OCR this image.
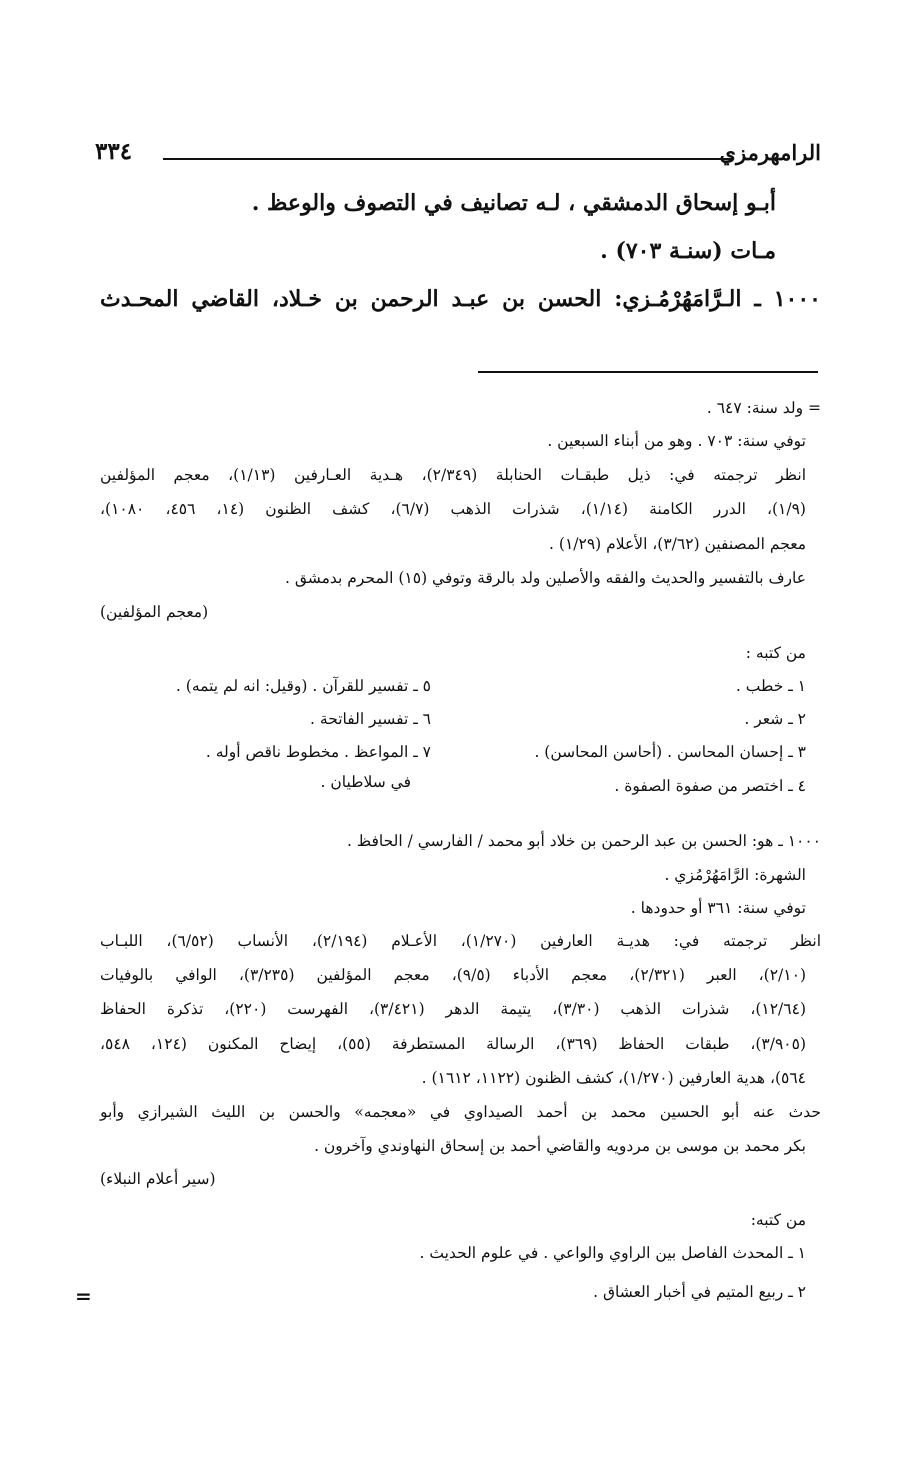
الرامهرمزي
٣٣٤
أبـو إسحاق الدمشقي ، لـه تصانيف في التصوف والوعظ .
مـات (سنـة ٧٠٣) .
١٠٠٠ ـ الـرَّامَهُرْمُـزي: الحسن بن عبـد الرحمن بن خـلاد، القاضي المحـدث
= ولد سنة: ٦٤٧ .
توفي سنة: ٧٠٣ . وهو من أبناء السبعين .
انظر ترجمته في: ذيل طبقـات الحنابلة (٢/٣٤٩)، هـدية العـارفين (١/١٣)، معجم المؤلفين
(١/٩)، الدرر الكامنة (١/١٤)، شذرات الذهب (٦/٧)، كشف الظنون (١٤، ٤٥٦، ١٠٨٠)،
معجم المصنفين (٣/٦٢)، الأعلام (١/٢٩) .
عارف بالتفسير والحديث والفقه والأصلين ولد بالرقة وتوفي (١٥) المحرم بدمشق .
(معجم المؤلفين)
من كتبه :
١ ـ خطب .
٢ ـ شعر .
٣ ـ إحسان المحاسن . (أحاسن المحاسن) .
٤ ـ اختصر من صفوة الصفوة .
٥ ـ تفسير للقرآن . (وقيل: انه لم يتمه) .
٦ ـ تفسير الفاتحة .
٧ ـ المواعظ . مخطوط ناقص أوله .
في سلاطيان .
١٠٠٠ ـ هو: الحسن بن عبد الرحمن بن خلاد أبو محمد / الفارسي / الحافظ .
الشهرة: الرَّامَهُرْمُزي .
توفي سنة: ٣٦١ أو حدودها .
انظر ترجمته في: هديـة العارفين (١/٢٧٠)، الأعـلام (٢/١٩٤)، الأنساب (٦/٥٢)، اللبـاب
(٢/١٠)، العبر (٢/٣٢١)، معجم الأدباء (٩/٥)، معجم المؤلفين (٣/٢٣٥)، الوافي بالوفيات
(١٢/٦٤)، شذرات الذهب (٣/٣٠)، يتيمة الدهر (٣/٤٢١)، الفهرست (٢٢٠)، تذكرة الحفاظ
(٣/٩٠٥)، طبقات الحفاظ (٣٦٩)، الرسالة المستطرفة (٥٥)، إيضاح المكنون (١٢٤، ٥٤٨،
٥٦٤)، هدية العارفين (١/٢٧٠)، كشف الظنون (١١٢٢، ١٦١٢) .
حدث عنه أبو الحسين محمد بن أحمد الصيداوي في «معجمه» والحسن بن الليث الشيرازي وأبو
بكر محمد بن موسى بن مردويه والقاضي أحمد بن إسحاق النهاوندي وآخرون .
(سير أعلام النبلاء)
من كتبه:
١ ـ المحدث الفاصل بين الراوي والواعي . في علوم الحديث .
٢ ـ ربيع المتيم في أخبار العشاق .
=
